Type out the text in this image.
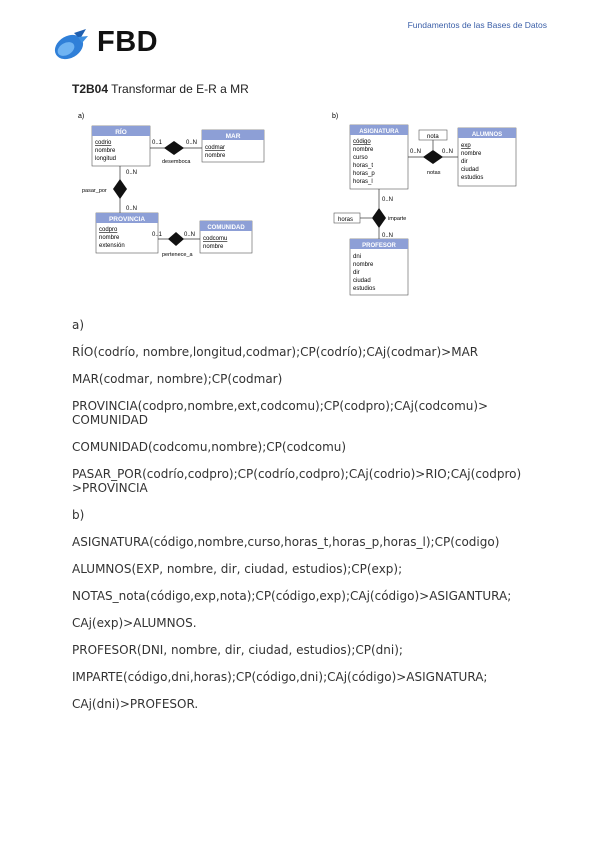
Fundamentos de las Bases de Datos
FBD
T2B04 Transformar de E-R a MR
a)
RÍO
codrio
nombre
longitud
MAR
codmar
nombre
0..1	0..N
desemboca
PROVINCIA
codpro
nombre
extensión
0..N
0..N
pasar_por
COMUNIDAD
codcomu
nombre
0..1	0..N
pertenece_a
b)
ASIGNATURA
código
nombre
curso
horas_t
horas_p
horas_l
ALUMNOS
exp
nombre
dir
ciudad
estudios
nota
0..N	0..N
notas
horas
0..N
0..N
imparte
PROFESOR
dni
nombre
dir
ciudad
estudios

a)

RÍO(codrío, nombre,longitud,codmar);CP(codrío);CAj(codmar)>MAR

MAR(codmar, nombre);CP(codmar)

PROVINCIA(codpro,nombre,ext,codcomu);CP(codpro);CAj(codcomu)> COMUNIDAD

COMUNIDAD(codcomu,nombre);CP(codcomu)

PASAR_POR(codrío,codpro);CP(codrío,codpro);CAj(codrio)>RIO;CAj(codpro) >PROVINCIA

b)

ASIGNATURA(código,nombre,curso,horas_t,horas_p,horas_l);CP(codigo)

ALUMNOS(EXP, nombre, dir, ciudad, estudios);CP(exp);

NOTAS_nota(código,exp,nota);CP(código,exp);CAj(código)>ASIGANTURA;

CAj(exp)>ALUMNOS.

PROFESOR(DNI, nombre, dir, ciudad, estudios);CP(dni);

IMPARTE(código,dni,horas);CP(código,dni);CAj(código)>ASIGNATURA;

CAj(dni)>PROFESOR.
